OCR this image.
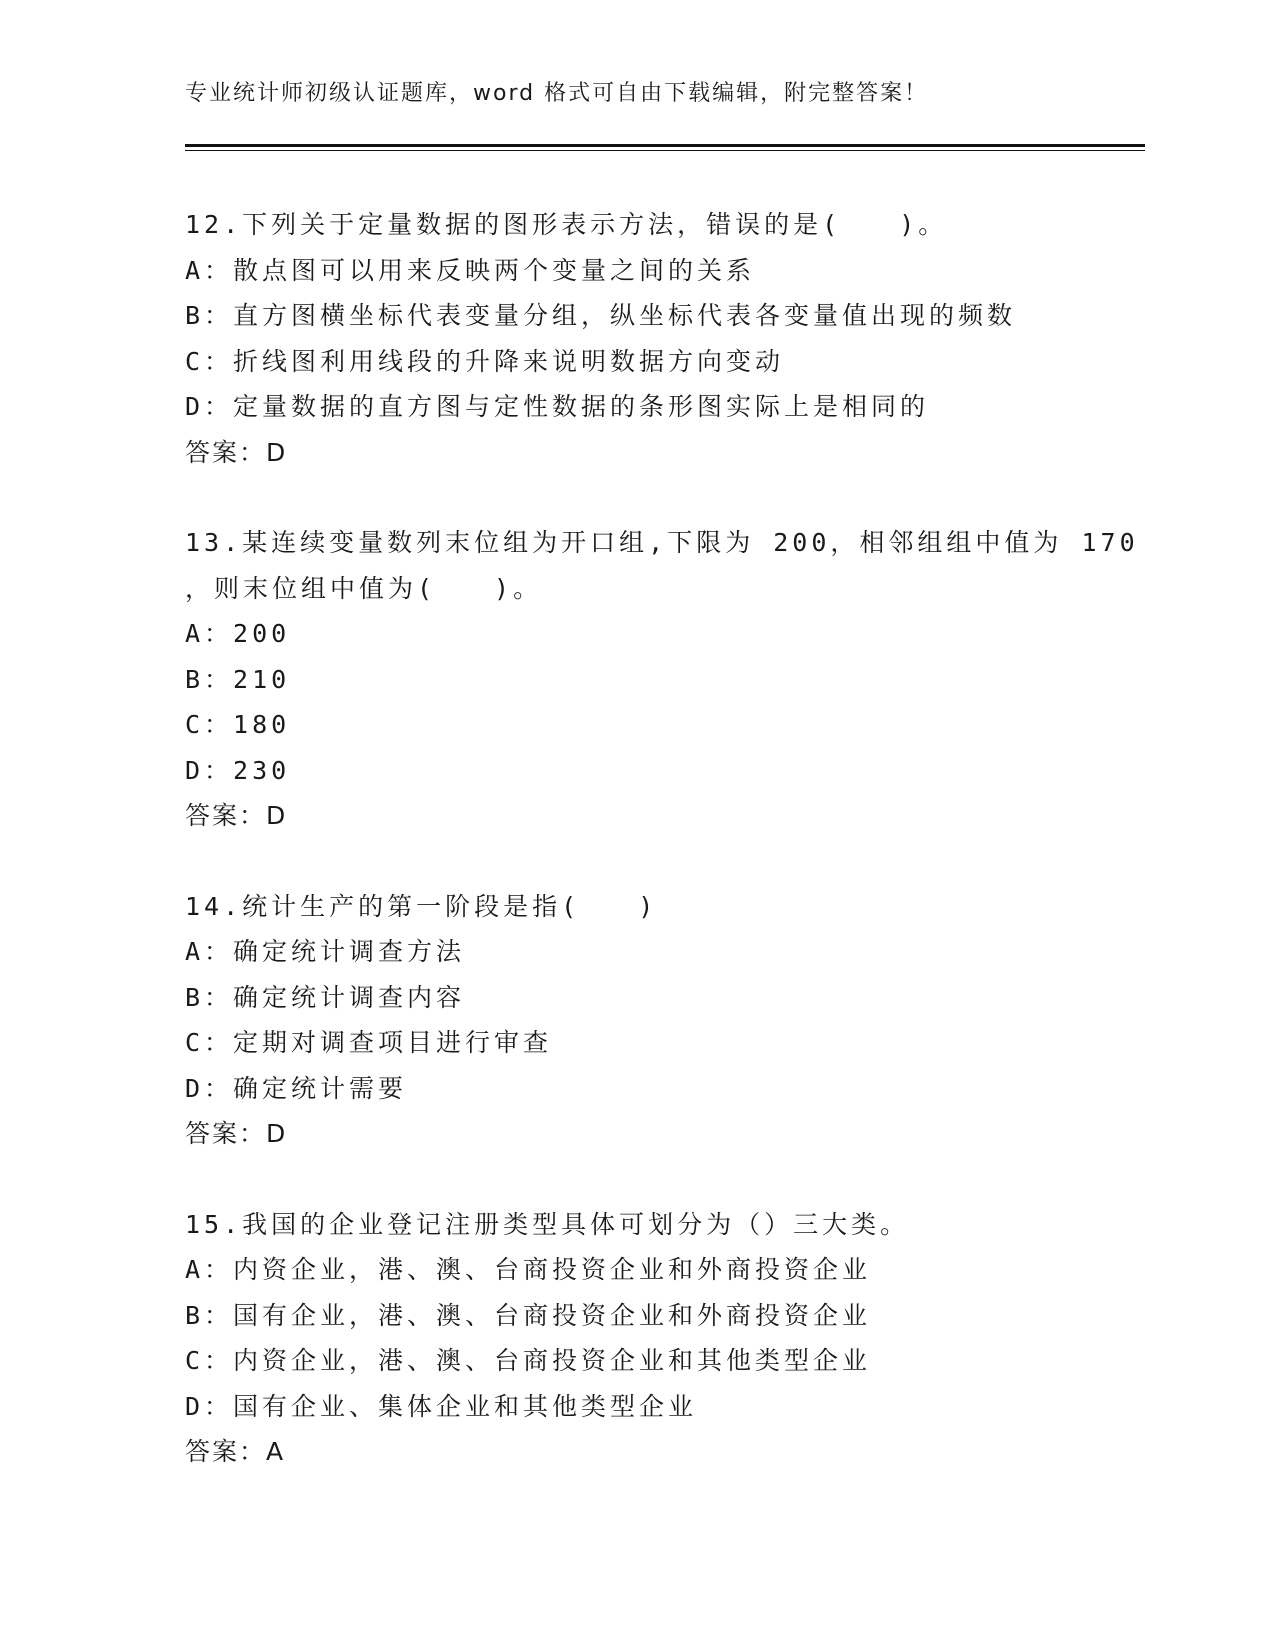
专业统计师初级认证题库，word 格式可自由下载编辑，附完整答案！
12.下列关于定量数据的图形表示方法，错误的是(　　)。
A：散点图可以用来反映两个变量之间的关系
B：直方图横坐标代表变量分组，纵坐标代表各变量值出现的频数
C：折线图利用线段的升降来说明数据方向变动
D：定量数据的直方图与定性数据的条形图实际上是相同的
答案：D
13.某连续变量数列末位组为开口组,下限为 200，相邻组组中值为 170
，则末位组中值为(　　)。
A：200
B：210
C：180
D：230
答案：D
14.统计生产的第一阶段是指(　　)
A：确定统计调查方法
B：确定统计调查内容
C：定期对调查项目进行审查
D：确定统计需要
答案：D
15.我国的企业登记注册类型具体可划分为（）三大类。
A：内资企业，港、澳、台商投资企业和外商投资企业
B：国有企业，港、澳、台商投资企业和外商投资企业
C：内资企业，港、澳、台商投资企业和其他类型企业
D：国有企业、集体企业和其他类型企业
答案：A
